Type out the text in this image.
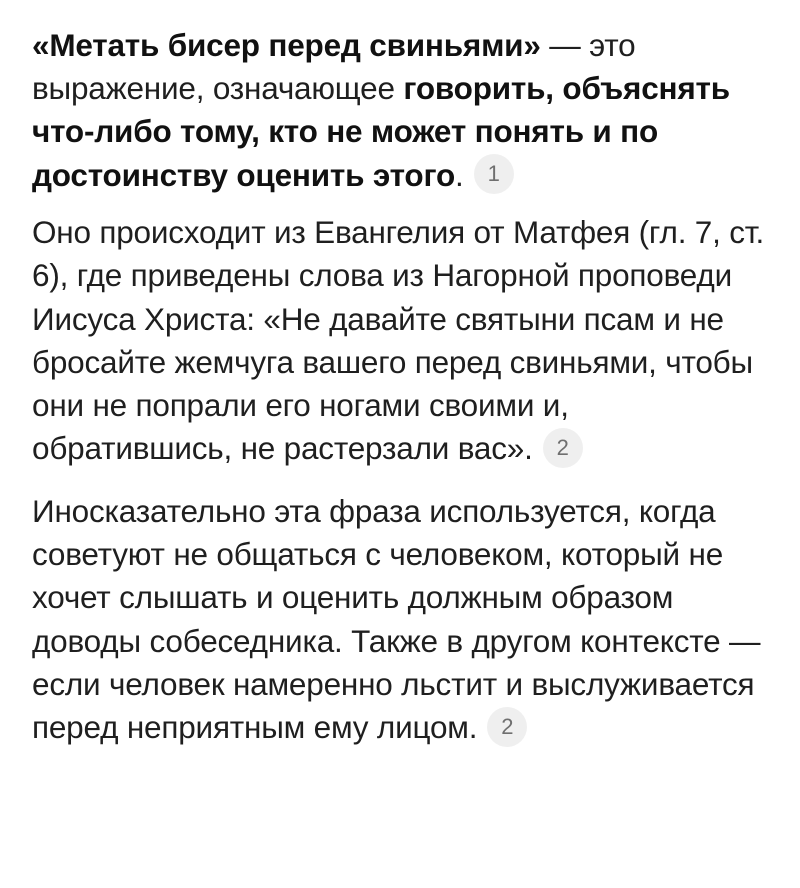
«Метать бисер перед свиньями» — это выражение, означающее говорить, объяснять что-либо тому, кто не может понять и по достоинству оценить этого. 1

Оно происходит из Евангелия от Матфея (гл. 7, ст. 6), где приведены слова из Нагорной проповеди Иисуса Христа: «Не давайте святыни псам и не бросайте жемчуга вашего перед свиньями, чтобы они не попрали его ногами своими и, обратившись, не растерзали вас». 2

Иносказательно эта фраза используется, когда советуют не общаться с человеком, который не хочет слышать и оценить должным образом доводы собеседника. Также в другом контексте — если человек намеренно льстит и выслуживается перед неприятным ему лицом. 2
